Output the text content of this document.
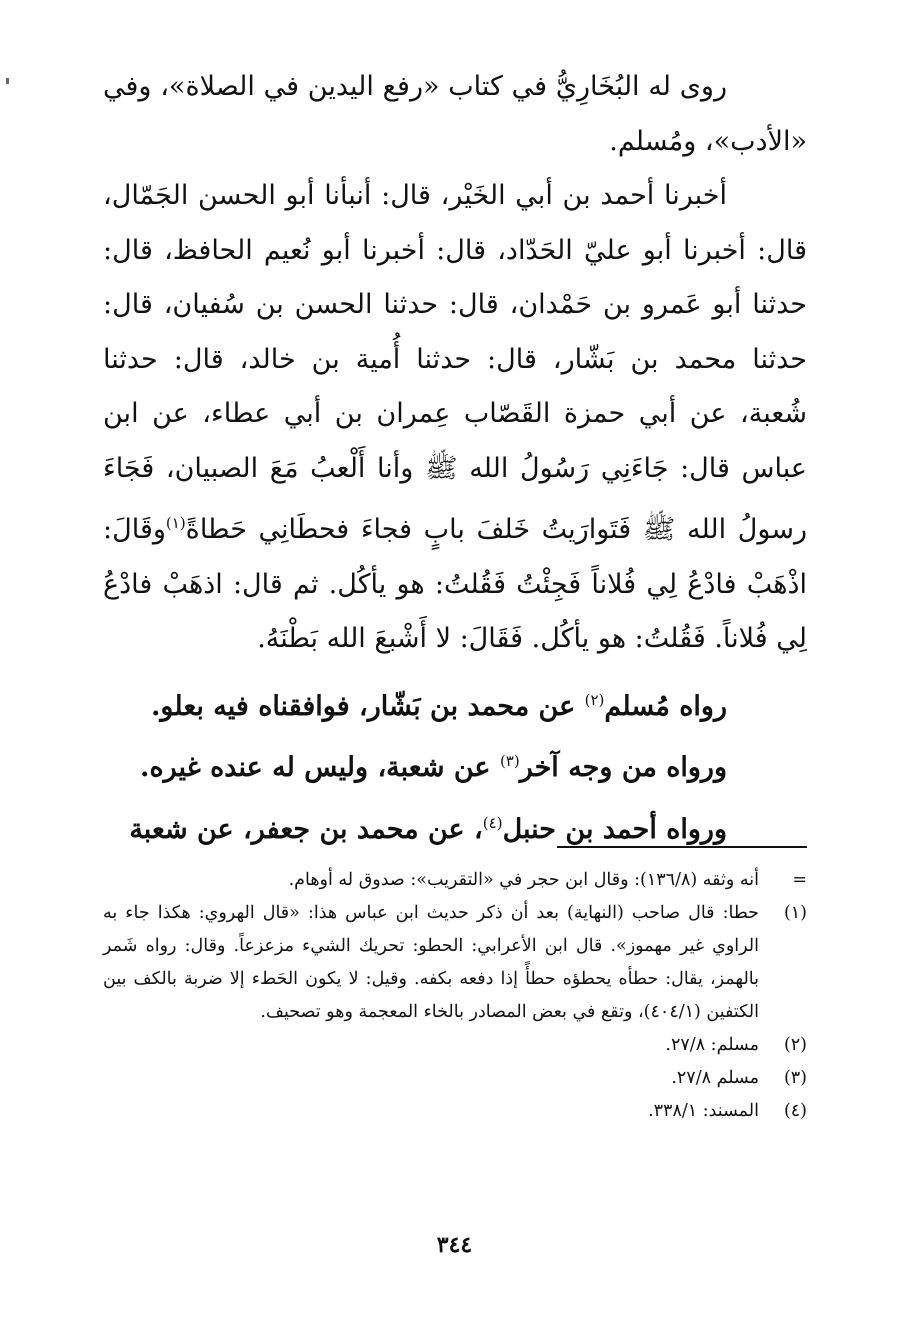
روى له البُخَارِيُّ في كتاب «رفع اليدين في الصلاة»، وفي «الأدب»، ومُسلم.

أخبرنا أحمد بن أبي الخَيْر، قال: أنبأنا أبو الحسن الجَمّال، قال: أخبرنا أبو عليّ الحَدّاد، قال: أخبرنا أبو نُعيم الحافظ، قال: حدثنا أبو عَمرو بن حَمْدان، قال: حدثنا الحسن بن سُفيان، قال: حدثنا محمد بن بَشّار، قال: حدثنا أُمية بن خالد، قال: حدثنا شُعبة، عن أبي حمزة القَصّاب عِمران بن أبي عطاء، عن ابن عباس قال: جَاءَنِي رَسُولُ الله ﷺ وأنا أَلْعبُ مَعَ الصبيان، فَجَاءَ رسولُ الله ﷺ فَتَوارَيتُ خَلفَ بابٍ فجاءَ فحطَانِي حَطاةً$^{(١)}$وقَالَ: اذْهَبْ فادْعُ لِي فُلاناً فَجِئْتُ فَقُلتُ: هو يأكُل. ثم قال: اذهَبْ فادْعُ لِي فُلاناً. فَقُلتُ: هو يأكُل. فَقَالَ: لا أَشْبعَ الله بَطْنَهُ.

رواه مُسلم$^{(٢)}$ عن محمد بن بَشّار، فوافقناه فيه بعلو.

ورواه من وجه آخر$^{(٣)}$ عن شعبة، وليس له عنده غيره.

ورواه أحمد بن حنبل$^{(٤)}$، عن محمد بن جعفر، عن شعبة

=
أنه وثقه (١٣٦/٨): وقال ابن حجر في «التقريب»: صدوق له أوهام.
(١)
حطا: قال صاحب (النهاية) بعد أن ذكر حديث ابن عباس هذا: «قال الهروي: هكذا جاء به الراوي غير مهموز». قال ابن الأعرابي: الحطو: تحريك الشيء مزعزعاً. وقال: رواه شَمر بالهمز، يقال: حطأه يحطؤه حطأً إذا دفعه بكفه. وقيل: لا يكون الحَطء إلا ضربة بالكف بين الكتفين (٤٠٤/١)، وتقع في بعض المصادر بالخاء المعجمة وهو تصحيف.
(٢)
مسلم: ٢٧/٨.
(٣)
مسلم ٢٧/٨.
(٤)
المسند: ٣٣٨/١.
٣٤٤
